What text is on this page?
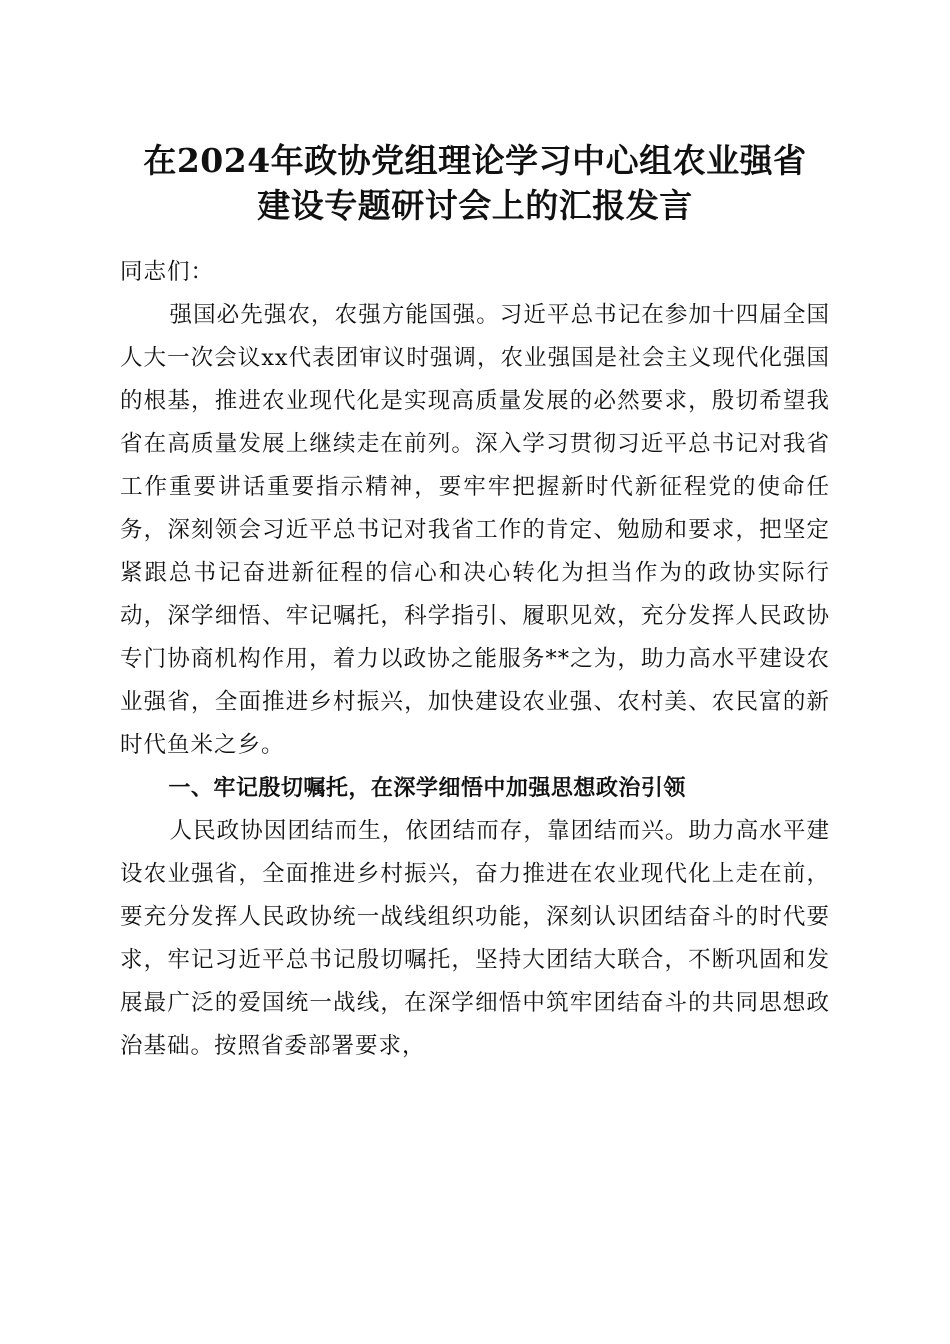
在2024年政协党组理论学习中心组农业强省
建设专题研讨会上的汇报发言

同志们：

强国必先强农，农强方能国强。习近平总书记在参加十四届全国人大一次会议xx代表团审议时强调，农业强国是社会主义现代化强国的根基，推进农业现代化是实现高质量发展的必然要求，殷切希望我省在高质量发展上继续走在前列。深入学习贯彻习近平总书记对我省工作重要讲话重要指示精神，要牢牢把握新时代新征程党的使命任务，深刻领会习近平总书记对我省工作的肯定、勉励和要求，把坚定紧跟总书记奋进新征程的信心和决心转化为担当作为的政协实际行动，深学细悟、牢记嘱托，科学指引、履职见效，充分发挥人民政协专门协商机构作用，着力以政协之能服务**之为，助力高水平建设农业强省，全面推进乡村振兴，加快建设农业强、农村美、农民富的新时代鱼米之乡。

一、牢记殷切嘱托，在深学细悟中加强思想政治引领

人民政协因团结而生，依团结而存，靠团结而兴。助力高水平建设农业强省，全面推进乡村振兴，奋力推进在农业现代化上走在前，要充分发挥人民政协统一战线组织功能，深刻认识团结奋斗的时代要求，牢记习近平总书记殷切嘱托，坚持大团结大联合，不断巩固和发展最广泛的爱国统一战线，在深学细悟中筑牢团结奋斗的共同思想政治基础。按照省委部署要求，
